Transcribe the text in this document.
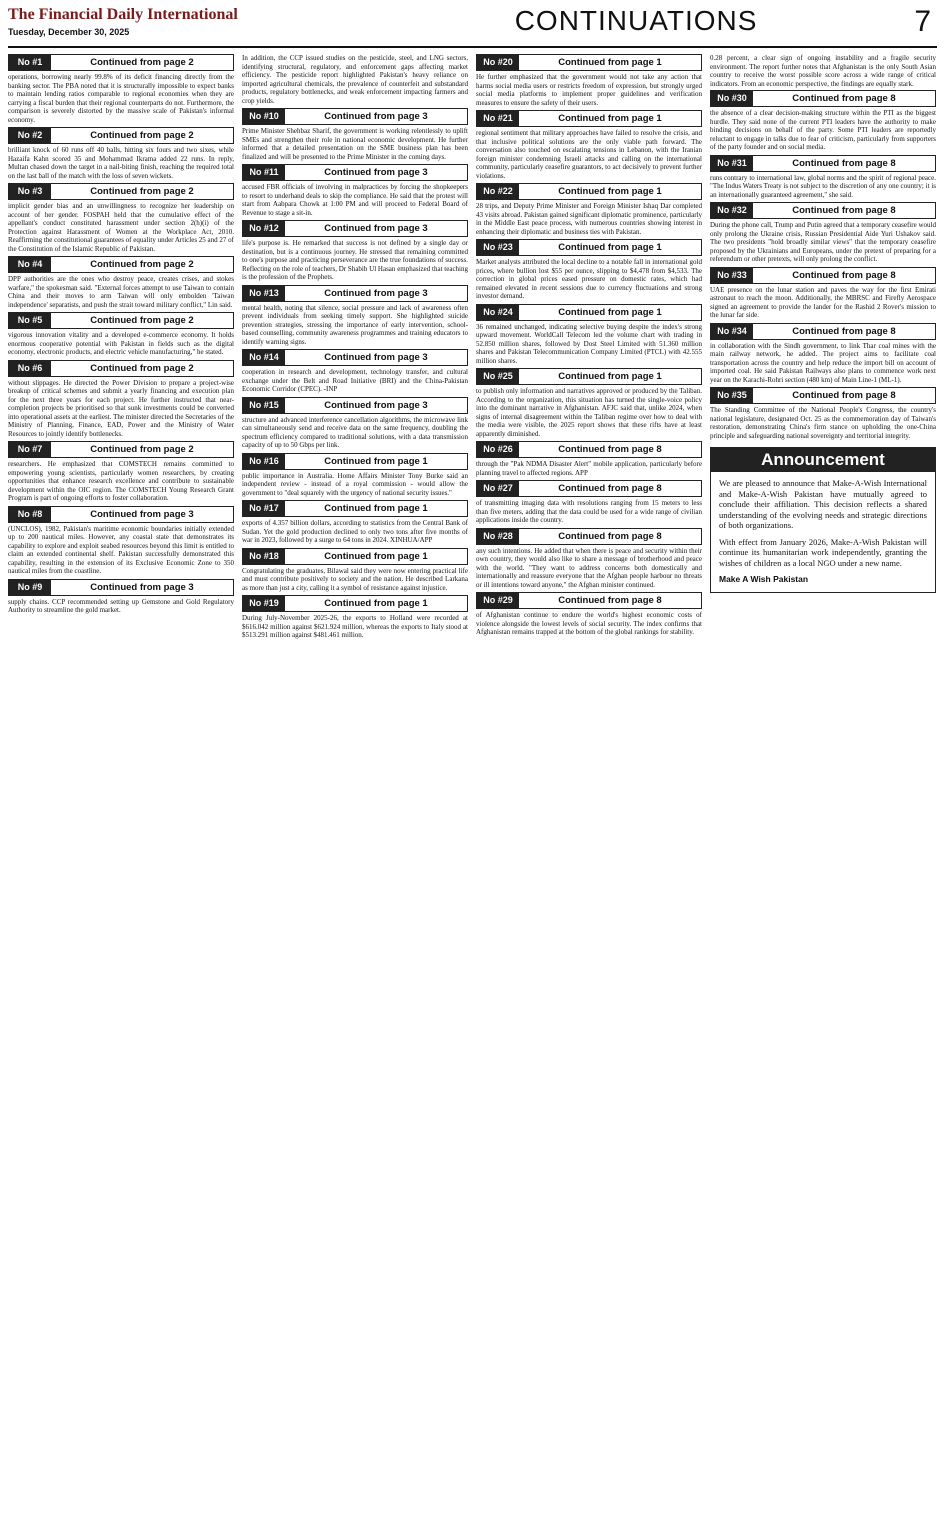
The Financial Daily International
Tuesday, December 30, 2025	CONTINUATIONS	7
No #1	Continued from page 2

operations, borrowing nearly 99.8% of its deficit financing directly from the banking sector. The PBA noted that it is structurally impossible to expect banks to maintain lending ratios comparable to regional economies when they are carrying a fiscal burden that their regional counterparts do not. Furthermore, the comparison is severely distorted by the massive scale of Pakistan's informal economy.

No #2	Continued from page 2

brilliant knock of 60 runs off 40 balls, hitting six fours and two sixes, while Hazaifa Kahn scored 35 and Mohammad Ikrama added 22 runs. In reply, Multan chased down the target in a nail-biting finish, reaching the required total on the last ball of the match with the loss of seven wickets.

No #3	Continued from page 2

implicit gender bias and an unwillingness to recognize her leadership on account of her gender. FOSPAH held that the cumulative effect of the appellant's conduct constituted harassment under section 2(h)(i) of the Protection against Harassment of Women at the Workplace Act, 2010. Reaffirming the constitutional guarantees of equality under Articles 25 and 27 of the Constitution of the Islamic Republic of Pakistan.

No #4	Continued from page 2

DPP authorities are the ones who destroy peace, creates crises, and stokes warfare," the spokesman said. "External forces attempt to use Taiwan to contain China and their moves to arm Taiwan will only embolden 'Taiwan independence' separatists, and push the strait toward military conflict," Lin said.

No #5	Continued from page 2

vigorous innovation vitality and a developed e-commerce economy. It holds enormous cooperative potential with Pakistan in fields such as the digital economy, electronic products, and electric vehicle manufacturing," he stated.

No #6	Continued from page 2

without slippages. He directed the Power Division to prepare a project-wise breakup of critical schemes and submit a yearly financing and execution plan for the next three years for each project. He further instructed that near-completion projects be prioritised so that sunk investments could be converted into operational assets at the earliest. The minister directed the Secretaries of the Ministry of Planning, Finance, EAD, Power and the Ministry of Water Resources to jointly identify bottlenecks.

No #7	Continued from page 2

researchers. He emphasized that COMSTECH remains committed to empowering young scientists, particularly women researchers, by creating opportunities that enhance research excellence and contribute to sustainable development within the OIC region. The COMSTECH Young Research Grant Program is part of ongoing efforts to foster collaboration.

No #8	Continued from page 3

(UNCLOS), 1982, Pakistan's maritime economic boundaries initially extended up to 200 nautical miles. However, any coastal state that demonstrates its capability to explore and exploit seabed resources beyond this limit is entitled to claim an extended continental shelf. Pakistan successfully demonstrated this capability, resulting in the extension of its Exclusive Economic Zone to 350 nautical miles from the coastline.

No #9	Continued from page 3

supply chains. CCP recommended setting up Gemstone and Gold Regulatory Authority to streamline the gold market.

In addition, the CCP issued studies on the pesticide, steel, and LNG sectors, identifying structural, regulatory, and enforcement gaps affecting market efficiency. The pesticide report highlighted Pakistan's heavy reliance on imported agricultural chemicals, the prevalence of counterfeit and substandard products, regulatory bottlenecks, and weak enforcement impacting farmers and crop yields.

No #10	Continued from page 3

Prime Minister Shehbaz Sharif, the government is working relentlessly to uplift SMEs and strengthen their role in national economic development. He further informed that a detailed presentation on the SME business plan has been finalized and will be presented to the Prime Minister in the coming days.

No #11	Continued from page 3

accused FBR officials of involving in malpractices by forcing the shopkeepers to resort to underhand deals to skip the compliance. He said that the protest will start from Aabpara Chowk at 1:00 PM and will proceed to Federal Board of Revenue to stage a sit-in.

No #12	Continued from page 3

life's purpose is. He remarked that success is not defined by a single day or destination, but is a continuous journey. He stressed that remaining committed to one's purpose and practicing perseverance are the true foundations of success. Reflecting on the role of teachers, Dr Shabib Ul Hasan emphasized that teaching is the profession of the Prophets.

No #13	Continued from page 3

mental health, noting that silence, social pressure and lack of awareness often prevent individuals from seeking timely support. She highlighted suicide prevention strategies, stressing the importance of early intervention, school-based counselling, community awareness programmes and training educators to identify warning signs.

No #14	Continued from page 3

cooperation in research and development, technology transfer, and cultural exchange under the Belt and Road Initiative (BRI) and the China-Pakistan Economic Corridor (CPEC). -INP

No #15	Continued from page 3

structure and advanced interference cancellation algorithms, the microwave link can simultaneously send and receive data on the same frequency, doubling the spectrum efficiency compared to traditional solutions, with a data transmission capacity of up to 50 Gbps per link.

No #16	Continued from page 1

public importance in Australia. Home Affairs Minister Tony Burke said an independent review - instead of a royal commission - would allow the government to "deal squarely with the urgency of national security issues."

No #17	Continued from page 1

exports of 4.357 billion dollars, according to statistics from the Central Bank of Sudan. Yet the gold production declined to only two tons after five months of war in 2023, followed by a surge to 64 tons in 2024. XINHUA/APP

No #18	Continued from page 1

Congratulating the graduates, Bilawal said they were now entering practical life and must contribute positively to society and the nation. He described Larkana as more than just a city, calling it a symbol of resistance against injustice.

No #19	Continued from page 1

During July-November 2025-26, the exports to Holland were recorded at $616.042 million against $621.924 million, whereas the exports to Italy stood at $513.291 million against $481.461 million.

No #20	Continued from page 1

He further emphasized that the government would not take any action that harms social media users or restricts freedom of expression, but strongly urged social media platforms to implement proper guidelines and verification measures to ensure the safety of their users.

No #21	Continued from page 1

regional sentiment that military approaches have failed to resolve the crisis, and that inclusive political solutions are the only viable path forward. The conversation also touched on escalating tensions in Lebanon, with the Iranian foreign minister condemning Israeli attacks and calling on the international community, particularly ceasefire guarantors, to act decisively to prevent further violations.

No #22	Continued from page 1

28 trips, and Deputy Prime Minister and Foreign Minister Ishaq Dar completed 43 visits abroad. Pakistan gained significant diplomatic prominence, particularly in the Middle East peace process, with numerous countries showing interest in enhancing their diplomatic and business ties with Pakistan.

No #23	Continued from page 1

Market analysts attributed the local decline to a notable fall in international gold prices, where bullion lost $55 per ounce, slipping to $4,478 from $4,533. The correction in global prices eased pressure on domestic rates, which had remained elevated in recent sessions due to currency fluctuations and strong investor demand.

No #24	Continued from page 1

36 remained unchanged, indicating selective buying despite the index's strong upward movement. WorldCall Telecom led the volume chart with trading in 52.850 million shares, followed by Dost Steel Limited with 51.360 million shares and Pakistan Telecommunication Company Limited (PTCL) with 42.555 million shares.

No #25	Continued from page 1

to publish only information and narratives approved or produced by the Taliban. According to the organization, this situation has turned the single-voice policy into the dominant narrative in Afghanistan. AFJC said that, unlike 2024, when signs of internal disagreement within the Taliban regime over how to deal with the media were visible, the 2025 report shows that these rifts have at least apparently diminished.

No #26	Continued from page 8

through the "Pak NDMA Disaster Alert" mobile application, particularly before planning travel to affected regions. APP

No #27	Continued from page 8

of transmitting imaging data with resolutions ranging from 15 meters to less than five meters, adding that the data could be used for a wide range of civilian applications inside the country.

No #28	Continued from page 8

any such intentions. He added that when there is peace and security within their own country, they would also like to share a message of brotherhood and peace with the world. "They want to address concerns both domestically and internationally and reassure everyone that the Afghan people harbour no threats or ill intentions toward anyone," the Afghan minister continued.

No #29	Continued from page 8

of Afghanistan continue to endure the world's highest economic costs of violence alongside the lowest levels of social security. The index confirms that Afghanistan remains trapped at the bottom of the global rankings for stability.

0.28 percent, a clear sign of ongoing instability and a fragile security environment. The report further notes that Afghanistan is the only South Asian country to receive the worst possible score across a wide range of critical indicators. From an economic perspective, the findings are equally stark.

No #30	Continued from page 8

the absence of a clear decision-making structure within the PTI as the biggest hurdle. They said none of the current PTI leaders have the authority to make binding decisions on behalf of the party. Some PTI leaders are reportedly reluctant to engage in talks due to fear of criticism, particularly from supporters of the party founder and on social media.

No #31	Continued from page 8

runs contrary to international law, global norms and the spirit of regional peace. "The Indus Waters Treaty is not subject to the discretion of any one country; it is an internationally guaranteed agreement," she said.

No #32	Continued from page 8

During the phone call, Trump and Putin agreed that a temporary ceasefire would only prolong the Ukraine crisis, Russian Presidential Aide Yuri Ushakov said. The two presidents "hold broadly similar views" that the temporary ceasefire proposed by the Ukrainians and Europeans, under the pretext of preparing for a referendum or other pretexts, will only prolong the conflict.

No #33	Continued from page 8

UAE presence on the lunar station and paves the way for the first Emirati astronaut to reach the moon. Additionally, the MBRSC and Firefly Aerospace signed an agreement to provide the lander for the Rashid 2 Rover's mission to the lunar far side.

No #34	Continued from page 8

in collaboration with the Sindh government, to link Thar coal mines with the main railway network, he added. The project aims to facilitate coal transportation across the country and help reduce the import bill on account of imported coal. He said Pakistan Railways also plans to commence work next year on the Karachi-Rohri section (480 km) of Main Line-1 (ML-1).

No #35	Continued from page 8

The Standing Committee of the National People's Congress, the country's national legislature, designated Oct. 25 as the commemoration day of Taiwan's restoration, demonstrating China's firm stance on upholding the one-China principle and safeguarding national sovereignty and territorial integrity.

Announcement

We are pleased to announce that Make-A-Wish International and Make-A-Wish Pakistan have mutually agreed to conclude their affiliation. This decision reflects a shared understanding of the evolving needs and strategic directions of both organizations.

With effect from January 2026, Make-A-Wish Pakistan will continue its humanitarian work independently, granting the wishes of children as a local NGO under a new name.

Make A Wish Pakistan
